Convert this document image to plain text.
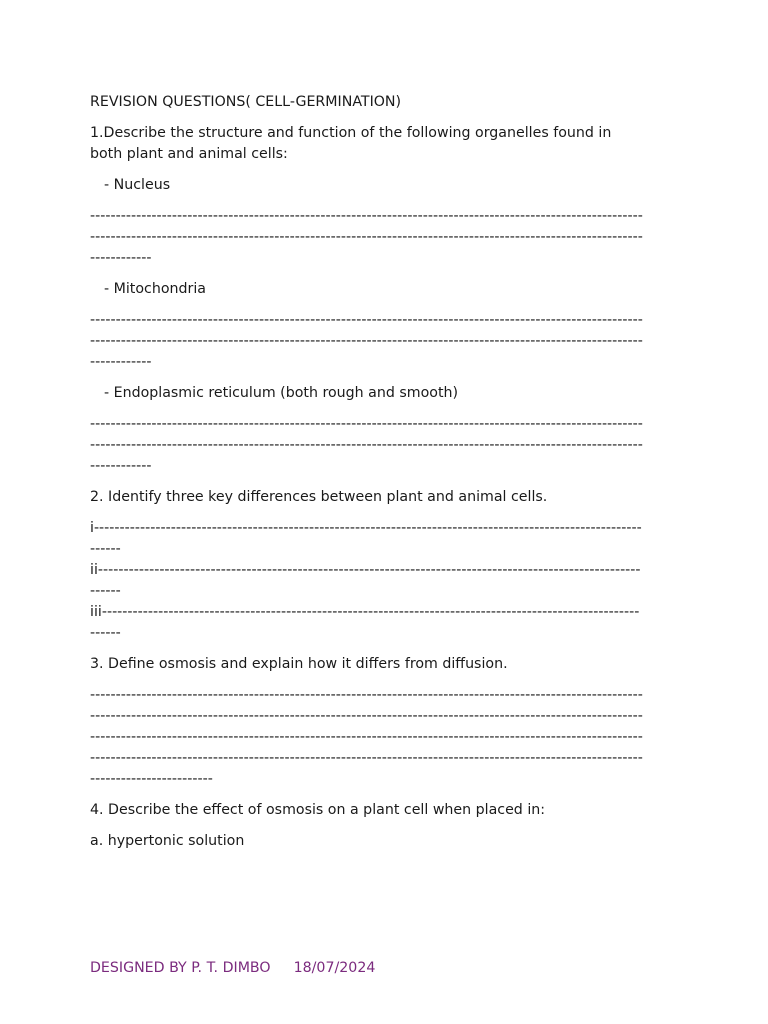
REVISION QUESTIONS( CELL-GERMINATION)
1.Describe the structure and function of the following organelles found in
both plant and animal cells:
- Nucleus
------------------------------------------------------------------------------------------------------------
------------------------------------------------------------------------------------------------------------
------------
- Mitochondria
------------------------------------------------------------------------------------------------------------
------------------------------------------------------------------------------------------------------------
------------
- Endoplasmic reticulum (both rough and smooth)
------------------------------------------------------------------------------------------------------------
------------------------------------------------------------------------------------------------------------
------------
2. Identify three key differences between plant and animal cells.
i-----------------------------------------------------------------------------------------------------------
------
ii----------------------------------------------------------------------------------------------------------
------
iii---------------------------------------------------------------------------------------------------------
------
3. Define osmosis and explain how it differs from diffusion.
------------------------------------------------------------------------------------------------------------
------------------------------------------------------------------------------------------------------------
------------------------------------------------------------------------------------------------------------
------------------------------------------------------------------------------------------------------------
------------------------
4. Describe the effect of osmosis on a plant cell when placed in:
a. hypertonic solution
DESIGNED BY P. T. DIMBO 18/07/2024
